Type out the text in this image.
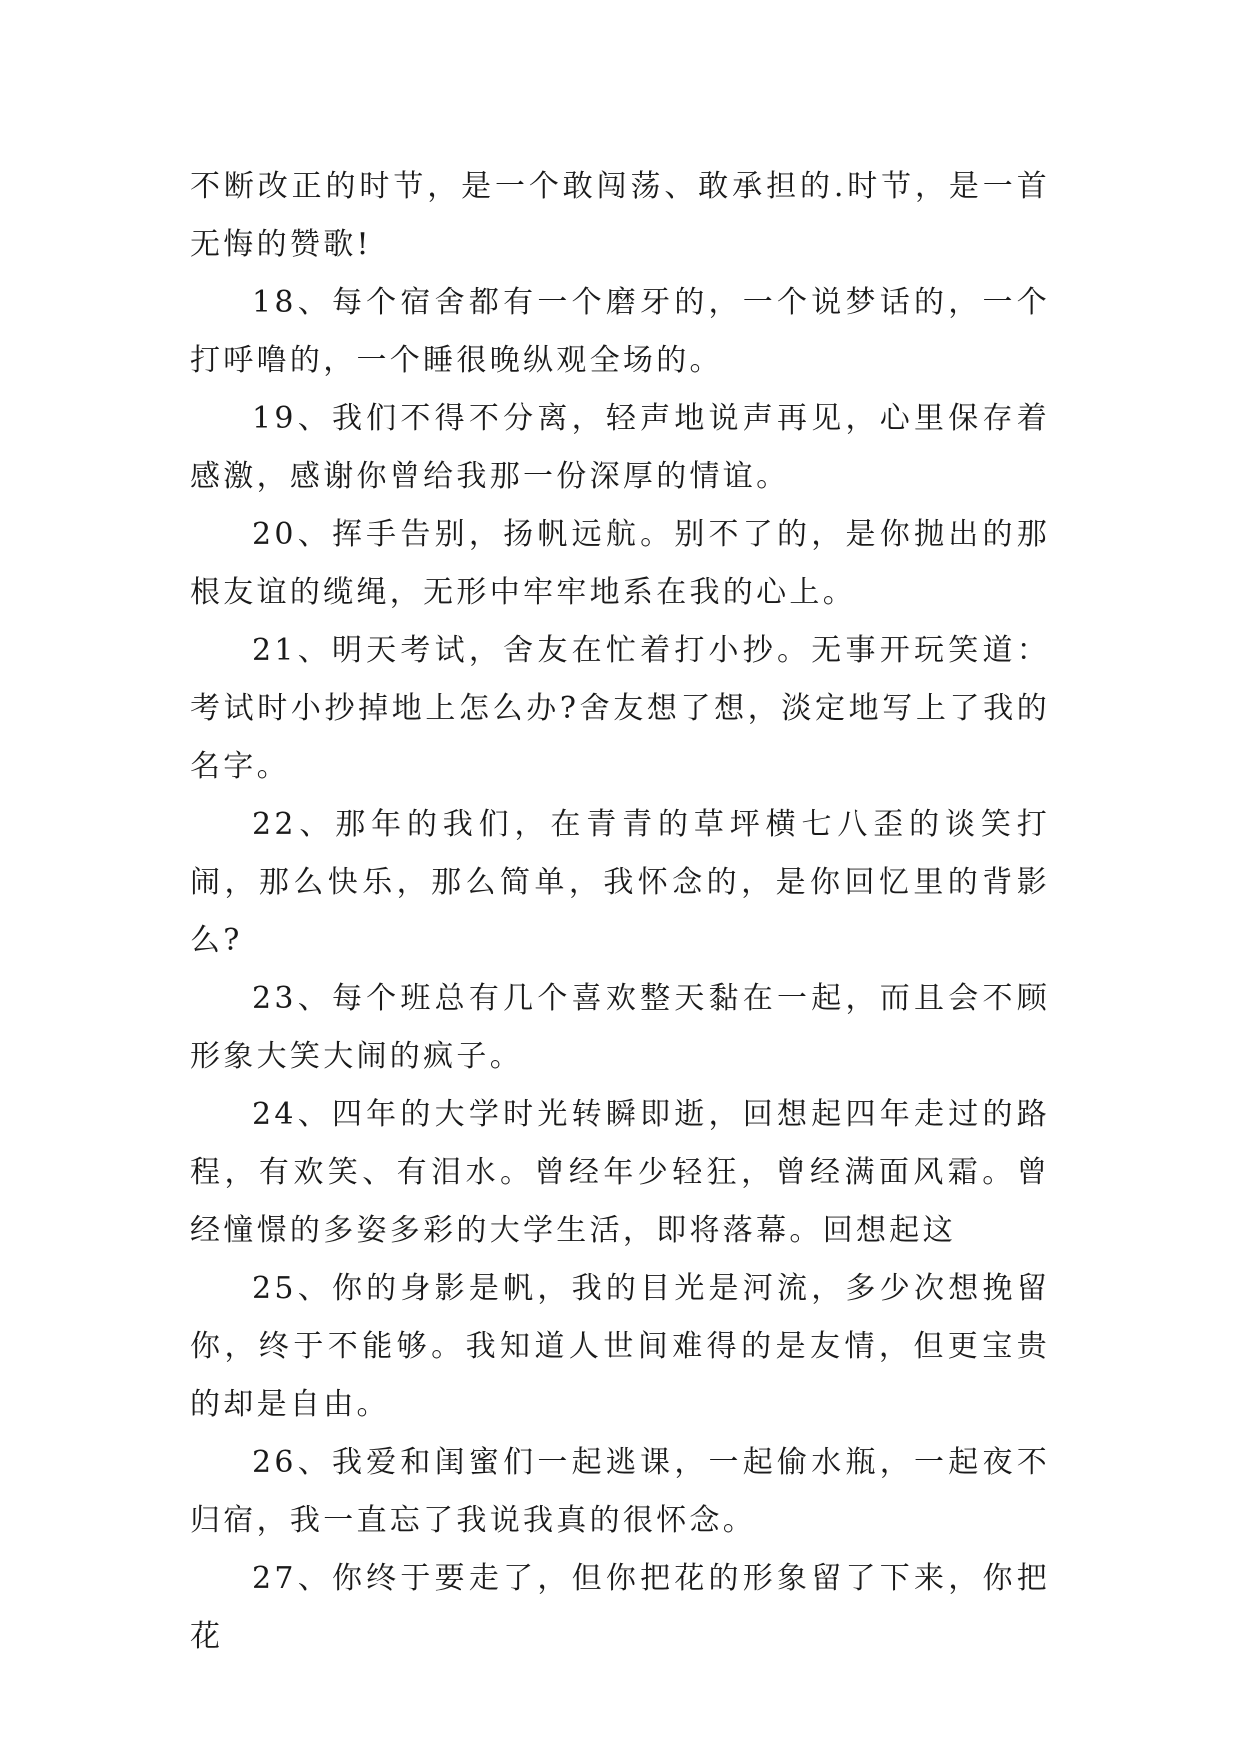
不断改正的时节，是一个敢闯荡、敢承担的.时节，是一首无悔的赞歌!

18、每个宿舍都有一个磨牙的，一个说梦话的，一个打呼噜的，一个睡很晚纵观全场的。

19、我们不得不分离，轻声地说声再见，心里保存着感激，感谢你曾给我那一份深厚的情谊。

20、挥手告别，扬帆远航。别不了的，是你抛出的那根友谊的缆绳，无形中牢牢地系在我的心上。

21、明天考试，舍友在忙着打小抄。无事开玩笑道：考试时小抄掉地上怎么办?舍友想了想，淡定地写上了我的名字。

22、那年的我们，在青青的草坪横七八歪的谈笑打闹，那么快乐，那么简单，我怀念的，是你回忆里的背影么?

23、每个班总有几个喜欢整天黏在一起，而且会不顾形象大笑大闹的疯子。

24、四年的大学时光转瞬即逝，回想起四年走过的路程，有欢笑、有泪水。曾经年少轻狂，曾经满面风霜。曾经憧憬的多姿多彩的大学生活，即将落幕。回想起这

25、你的身影是帆，我的目光是河流，多少次想挽留你，终于不能够。我知道人世间难得的是友情，但更宝贵的却是自由。

26、我爱和闺蜜们一起逃课，一起偷水瓶，一起夜不归宿，我一直忘了我说我真的很怀念。

27、你终于要走了，但你把花的形象留了下来，你把花
